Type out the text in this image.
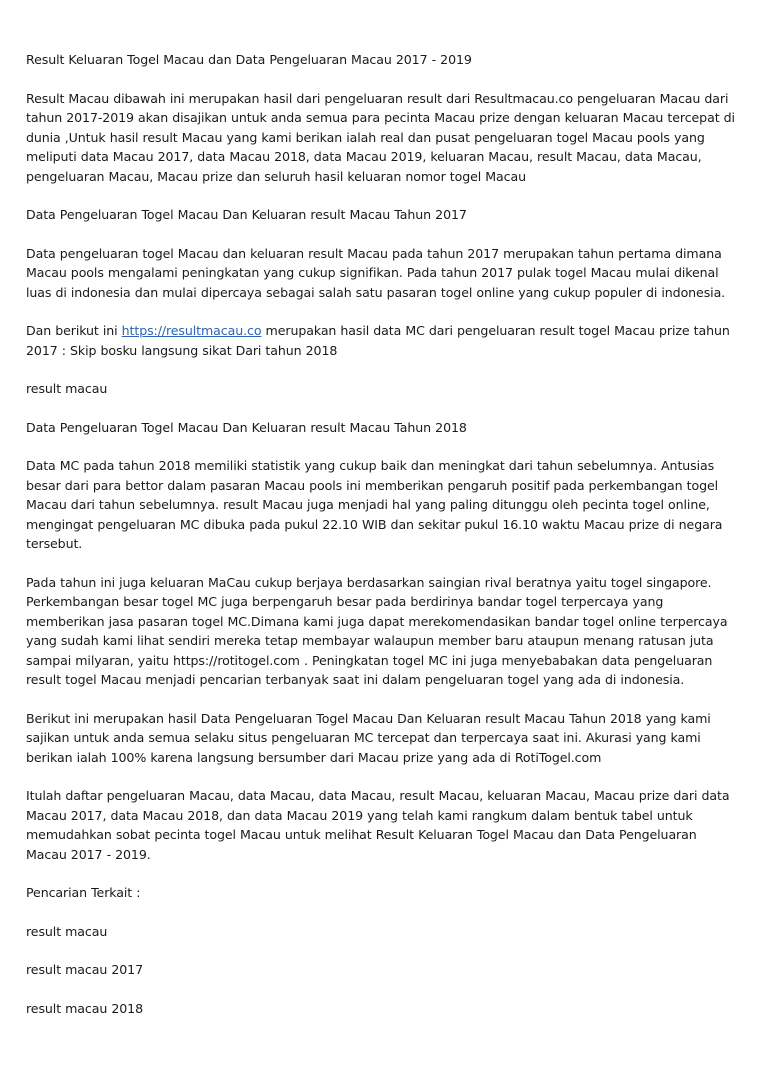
Result Keluaran Togel Macau dan Data Pengeluaran Macau 2017 - 2019

Result Macau dibawah ini merupakan hasil dari pengeluaran result dari Resultmacau.co pengeluaran Macau dari tahun 2017-2019 akan disajikan untuk anda semua para pecinta Macau prize dengan keluaran Macau tercepat di dunia ,Untuk hasil result Macau yang kami berikan ialah real dan pusat pengeluaran togel Macau pools yang meliputi data Macau 2017, data Macau 2018, data Macau 2019, keluaran Macau, result Macau, data Macau, pengeluaran Macau, Macau prize dan seluruh hasil keluaran nomor togel Macau

Data Pengeluaran Togel Macau Dan Keluaran result Macau Tahun 2017

Data pengeluaran togel Macau dan keluaran result Macau pada tahun 2017 merupakan tahun pertama dimana Macau pools mengalami peningkatan yang cukup signifikan. Pada tahun 2017 pulak togel Macau mulai dikenal luas di indonesia dan mulai dipercaya sebagai salah satu pasaran togel online yang cukup populer di indonesia.

Dan berikut ini https://resultmacau.co merupakan hasil data MC dari pengeluaran result togel Macau prize tahun 2017 : Skip bosku langsung sikat Dari tahun 2018

result macau

Data Pengeluaran Togel Macau Dan Keluaran result Macau Tahun 2018

Data MC pada tahun 2018 memiliki statistik yang cukup baik dan meningkat dari tahun sebelumnya. Antusias besar dari para bettor dalam pasaran Macau pools ini memberikan pengaruh positif pada perkembangan togel Macau dari tahun sebelumnya. result Macau juga menjadi hal yang paling ditunggu oleh pecinta togel online, mengingat pengeluaran MC dibuka pada pukul 22.10 WIB dan sekitar pukul 16.10 waktu Macau prize di negara tersebut.

Pada tahun ini juga keluaran MaCau cukup berjaya berdasarkan saingian rival beratnya yaitu togel singapore. Perkembangan besar togel MC juga berpengaruh besar pada berdirinya bandar togel terpercaya yang memberikan jasa pasaran togel MC.Dimana kami juga dapat merekomendasikan bandar togel online terpercaya yang sudah kami lihat sendiri mereka tetap membayar walaupun member baru ataupun menang ratusan juta sampai milyaran, yaitu https://rotitogel.com . Peningkatan togel MC ini juga menyebabakan data pengeluaran result togel Macau menjadi pencarian terbanyak saat ini dalam pengeluaran togel yang ada di indonesia.

Berikut ini merupakan hasil Data Pengeluaran Togel Macau Dan Keluaran result Macau Tahun 2018 yang kami sajikan untuk anda semua selaku situs pengeluaran MC tercepat dan terpercaya saat ini. Akurasi yang kami berikan ialah 100% karena langsung bersumber dari Macau prize yang ada di RotiTogel.com

Itulah daftar pengeluaran Macau, data Macau, data Macau, result Macau, keluaran Macau, Macau prize dari data Macau 2017, data Macau 2018, dan data Macau 2019 yang telah kami rangkum dalam bentuk tabel untuk memudahkan sobat pecinta togel Macau untuk melihat Result Keluaran Togel Macau dan Data Pengeluaran Macau 2017 - 2019.

Pencarian Terkait :

result macau

result macau 2017

result macau 2018
